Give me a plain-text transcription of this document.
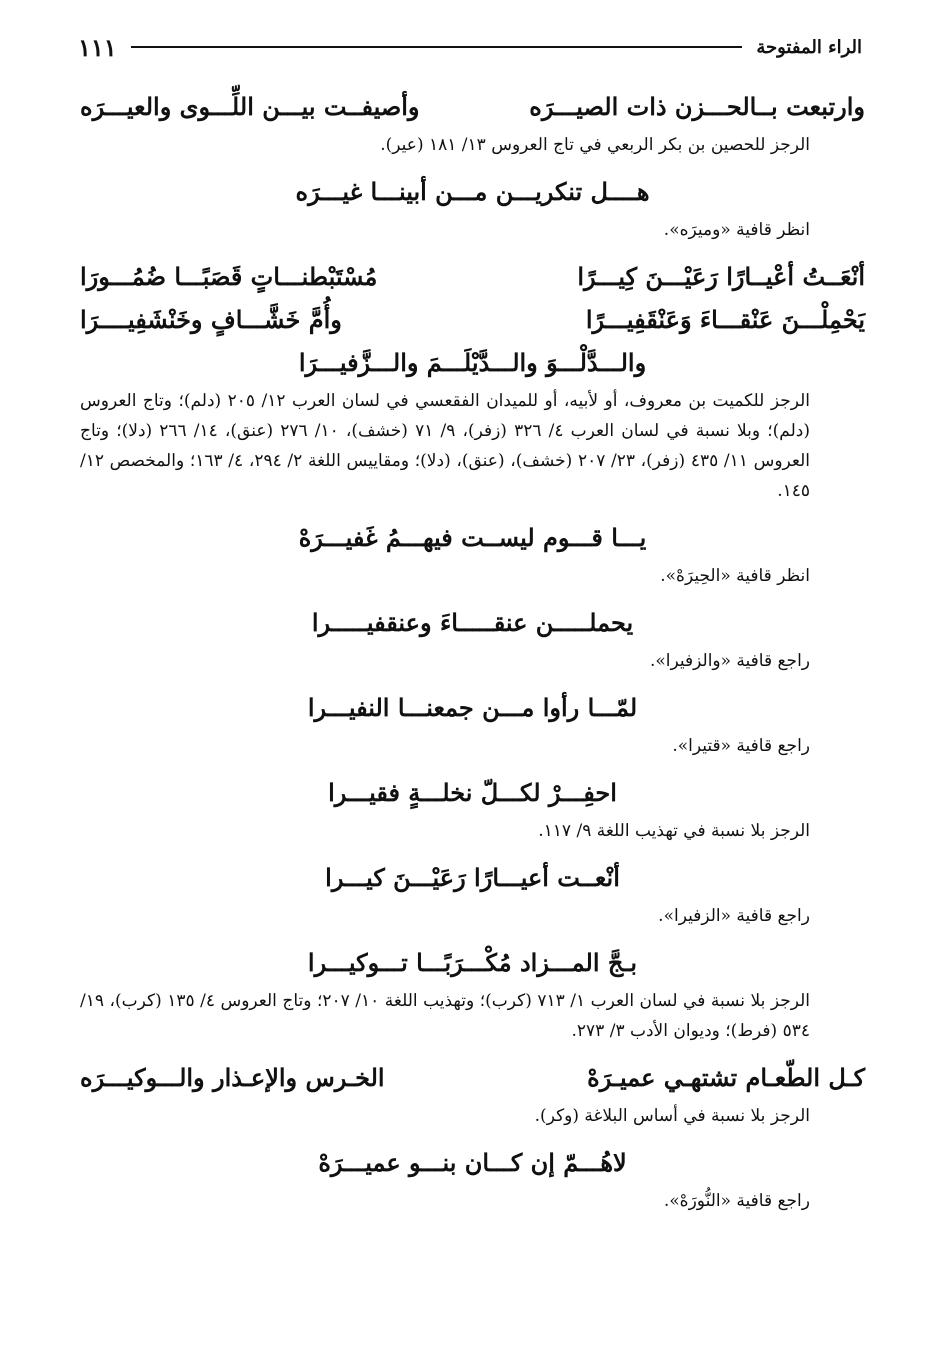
الراء المفتوحة
١١١
وارتبعت بــالحـــزن ذات الصيـــرَه
وأصيفــت بيـــن اللِّـــوى والعيـــرَه
الرجز للحصين بن بكر الربعي في تاج العروس ١٣/ ١٨١ (عير).
هــــل تنكريـــن مـــن أبينـــا غيـــرَه
انظر قافية «وميرَه».
أنْعَــتُ أعْيــارًا رَعَيْـــنَ كِيـــرًا
مُسْتَبْطنـــاتٍ قَصَبًـــا ضُمُـــورَا
يَحْمِلْـــنَ عَنْقـــاءَ وَعَنْقَفِيـــرًا
وأُمَّ خَشَّـــافٍ وخَنْشَفِيــــرَا
والـــدَّلْـــوَ والـــدَّيْلَـــمَ والـــزَّفيـــرَا
الرجز للكميت بن معروف، أو لأبيه، أو للميدان الفقعسي في لسان العرب ١٢/ ٢٠٥ (دلم)؛ وتاج العروس (دلم)؛ وبلا نسبة في لسان العرب ٤/ ٣٢٦ (زفر)، ٩/ ٧١ (خشف)، ١٠/ ٢٧٦ (عنق)، ١٤/ ٢٦٦ (دلا)؛ وتاج العروس ١١/ ٤٣٥ (زفر)، ٢٣/ ٢٠٧ (خشف)، (عنق)، (دلا)؛ ومقاييس اللغة ٢/ ٢٩٤، ٤/ ١٦٣؛ والمخصص ١٢/ ١٤٥.
يـــا قـــوم ليســت فيهـــمُ غَفيـــرَهْ
انظر قافية «الحِيرَهْ».
يحملـــــن عنقـــــاءَ وعنقفيـــــرا
راجع قافية «والزفيرا».
لمّـــا رأوا مـــن جمعنـــا النفيـــرا
راجع قافية «قتيرا».
احفِـــرْ لكـــلّ نخلـــةٍ فقيـــرا
الرجز بلا نسبة في تهذيب اللغة ٩/ ١١٧.
أنْعــت أعيـــارًا رَعَيْـــنَ كيـــرا
راجع قافية «الزفيرا».
بـجَّ المـــزاد مُكْـــرَبًـــا تـــوكيـــرا
الرجز بلا نسبة في لسان العرب ١/ ٧١٣ (كرب)؛ وتهذيب اللغة ١٠/ ٢٠٧؛ وتاج العروس ٤/ ١٣٥ (كرب)، ١٩/ ٥٣٤ (فرط)؛ وديوان الأدب ٣/ ٢٧٣.
كـل الطّعـام تشتهـي عميـرَهْ
الخـرس والإعـذار والـــوكيـــرَه
الرجز بلا نسبة في أساس البلاغة (وكر).
لاهُـــمّ إن كـــان بنـــو عميـــرَهْ
راجع قافية «النُّورَهْ».
